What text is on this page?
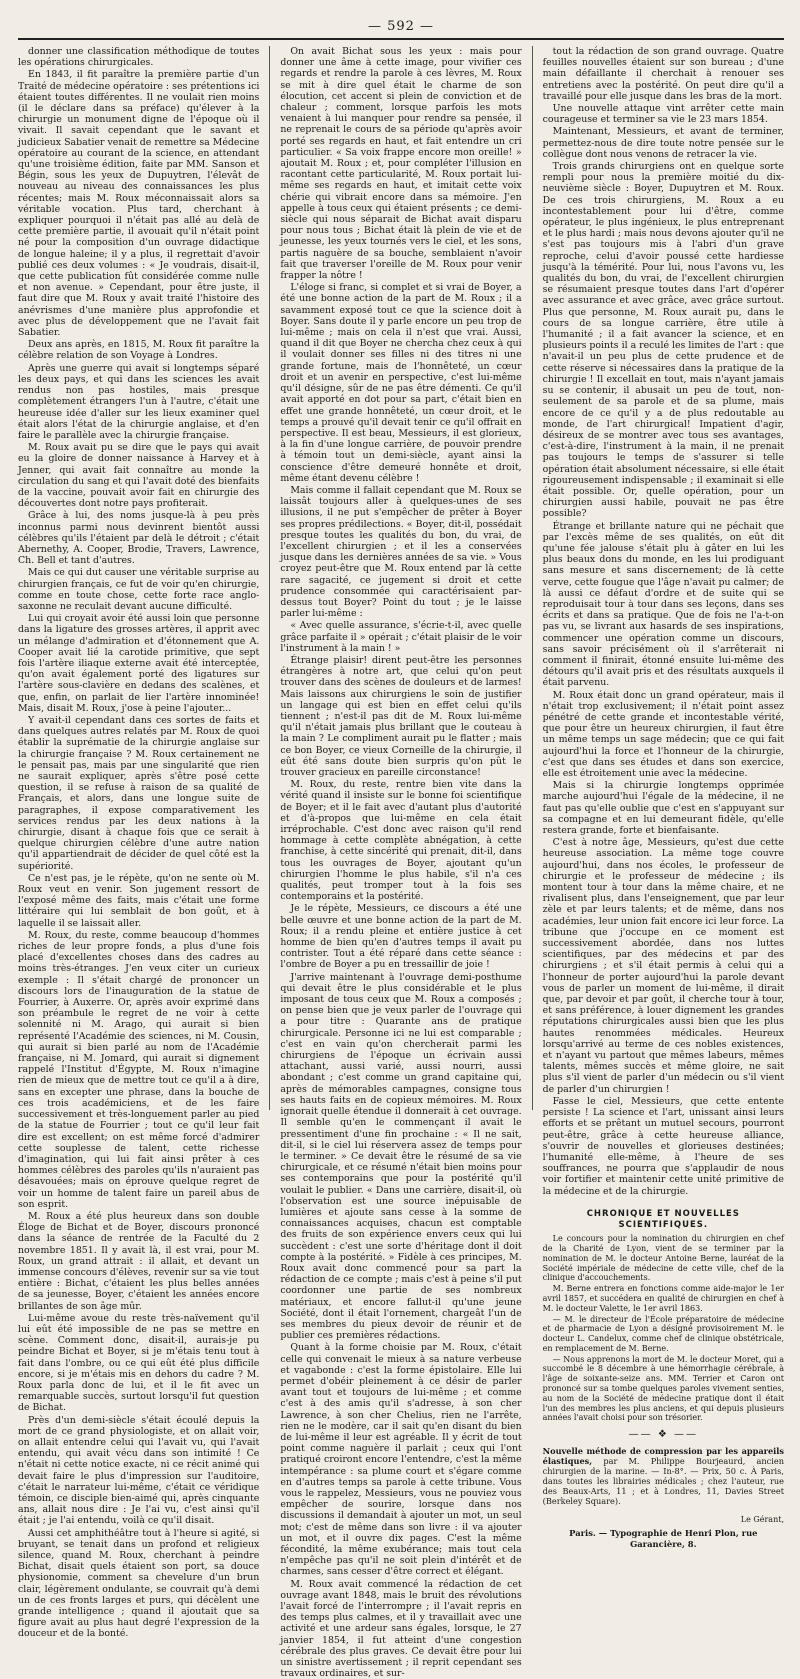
— 592 —

donner une classification méthodique de toutes les opérations chirurgicales.

En 1843, il fit paraître la première partie d'un Traité de médecine opératoire : ses prétentions ici étaient toutes différentes. Il ne voulait rien moins (il le déclare dans sa préface) qu'élever à la chirurgie un monument digne de l'époque où il vivait. Il savait cependant que le savant et judicieux Sabatier venait de remettre sa Médecine opératoire au courant de la science, en attendant qu'une troisième édition, faite par MM. Sanson et Bégin, sous les yeux de Dupuytren, l'élevât de nouveau au niveau des connaissances les plus récentes; mais M. Roux méconnaissait alors sa véritable vocation. Plus tard, cherchant à expliquer pourquoi il n'était pas allé au delà de cette première partie, il avouait qu'il n'était point né pour la composition d'un ouvrage didactique de longue haleine; il y a plus, il regrettait d'avoir publié ces deux volumes : « Je voudrais, disait-il, que cette publication fût considérée comme nulle et non avenue. » Cependant, pour être juste, il faut dire que M. Roux y avait traité l'histoire des anévrismes d'une manière plus approfondie et avec plus de développement que ne l'avait fait Sabatier.

Deux ans après, en 1815, M. Roux fit paraître la célèbre relation de son Voyage à Londres.

Après une guerre qui avait si longtemps séparé les deux pays, et qui dans les sciences les avait rendus non pas hostiles, mais presque complètement étrangers l'un à l'autre, c'était une heureuse idée d'aller sur les lieux examiner quel était alors l'état de la chirurgie anglaise, et d'en faire le parallèle avec la chirurgie française.

M. Roux avait pu se dire que le pays qui avait eu la gloire de donner naissance à Harvey et à Jenner, qui avait fait connaître au monde la circulation du sang et qui l'avait doté des bienfaits de la vaccine, pouvait avoir fait en chirurgie des découvertes dont notre pays profiterait.

Grâce à lui, des noms jusque-là à peu près inconnus parmi nous devinrent bientôt aussi célèbres qu'ils l'étaient par delà le détroit ; c'était Abernethy, A. Cooper, Brodie, Travers, Lawrence, Ch. Bell et tant d'autres.

Mais ce qui dut causer une véritable surprise au chirurgien français, ce fut de voir qu'en chirurgie, comme en toute chose, cette forte race anglo-saxonne ne reculait devant aucune difficulté.

Lui qui croyait avoir été aussi loin que personne dans la ligature des grosses artères, il apprit avec un mélange d'admiration et d'étonnement que A. Cooper avait lié la carotide primitive, que sept fois l'artère iliaque externe avait été interceptée, qu'on avait également porté des ligatures sur l'artère sous-clavière en dedans des scalènes, et que, enfin, on parlait de lier l'artère innominée! Mais, disait M. Roux, j'ose à peine l'ajouter...

Y avait-il cependant dans ces sortes de faits et dans quelques autres relatés par M. Roux de quoi établir la suprématie de la chirurgie anglaise sur la chirurgie française ? M. Roux certainement ne le pensait pas, mais par une singularité que rien ne saurait expliquer, après s'être posé cette question, il se refuse à raison de sa qualité de Français, et alors, dans une longue suite de paragraphes, il expose comparativement les services rendus par les deux nations à la chirurgie, disant à chaque fois que ce serait à quelque chirurgien célèbre d'une autre nation qu'il appartiendrait de décider de quel côté est la supériorité.

Ce n'est pas, je le répète, qu'on ne sente où M. Roux veut en venir. Son jugement ressort de l'exposé même des faits, mais c'était une forme littéraire qui lui semblait de bon goût, et à laquelle il se laissait aller.

M. Roux, du reste, comme beaucoup d'hommes riches de leur propre fonds, a plus d'une fois placé d'excellentes choses dans des cadres au moins très-étranges. J'en veux citer un curieux exemple : Il s'était chargé de prononcer un discours lors de l'inauguration de la statue de Fourrier, à Auxerre. Or, après avoir exprimé dans son préambule le regret de ne voir à cette solennité ni M. Arago, qui aurait si bien représenté l'Académie des sciences, ni M. Cousin, qui aurait si bien parlé au nom de l'Académie française, ni M. Jomard, qui aurait si dignement rappelé l'Institut d'Égypte, M. Roux n'imagine rien de mieux que de mettre tout ce qu'il a à dire, sans en excepter une phrase, dans la bouche de ces trois académiciens, et de les faire successivement et très-longuement parler au pied de la statue de Fourrier ; tout ce qu'il leur fait dire est excellent; on est même forcé d'admirer cette souplesse de talent, cette richesse d'imagination, qui lui fait ainsi prêter à ces hommes célèbres des paroles qu'ils n'auraient pas désavouées; mais on éprouve quelque regret de voir un homme de talent faire un pareil abus de son esprit.

M. Roux a été plus heureux dans son double Éloge de Bichat et de Boyer, discours prononcé dans la séance de rentrée de la Faculté du 2 novembre 1851. Il y avait là, il est vrai, pour M. Roux, un grand attrait : il allait, et devant un immense concours d'élèves, revenir sur sa vie tout entière : Bichat, c'étaient les plus belles années de sa jeunesse, Boyer, c'étaient les années encore brillantes de son âge mûr.

Lui-même avoue du reste très-naïvement qu'il lui eût été impossible de ne pas se mettre en scène. Comment donc, disait-il, aurais-je pu peindre Bichat et Boyer, si je m'étais tenu tout à fait dans l'ombre, ou ce qui eût été plus difficile encore, si je m'étais mis en dehors du cadre ? M. Roux parla donc de lui, et il le fit avec un remarquable succès, surtout lorsqu'il fut question de Bichat.

Près d'un demi-siècle s'était écoulé depuis la mort de ce grand physiologiste, et on allait voir, on allait entendre celui qui l'avait vu, qui l'avait entendu, qui avait vécu dans son intimité ! Ce n'était ni cette notice exacte, ni ce récit animé qui devait faire le plus d'impression sur l'auditoire, c'était le narrateur lui-même, c'était ce véridique témoin, ce disciple bien-aimé qui, après cinquante ans, allait nous dire : Je l'ai vu, c'est ainsi qu'il était ; je l'ai entendu, voilà ce qu'il disait.

Aussi cet amphithéâtre tout à l'heure si agité, si bruyant, se tenait dans un profond et religieux silence, quand M. Roux, cherchant à peindre Bichat, disait quels étaient son port, sa douce physionomie, comment sa chevelure d'un brun clair, légèrement ondulante, se couvrait qu'à demi un de ces fronts larges et purs, qui décèlent une grande intelligence ; quand il ajoutait que sa figure avait au plus haut degré l'expression de la douceur et de la bonté.

On avait Bichat sous les yeux : mais pour donner une âme à cette image, pour vivifier ces regards et rendre la parole à ces lèvres, M. Roux se mit à dire quel était le charme de son élocution, cet accent si plein de conviction et de chaleur ; comment, lorsque parfois les mots venaient à lui manquer pour rendre sa pensée, il ne reprenait le cours de sa période qu'après avoir porté ses regards en haut, et fait entendre un cri particulier. « Sa voix frappe encore mon oreille! » ajoutait M. Roux ; et, pour compléter l'illusion en racontant cette particularité, M. Roux portait lui-même ses regards en haut, et imitait cette voix chérie qui vibrait encore dans sa mémoire. J'en appelle à tous ceux qui étaient présents ; ce demi-siècle qui nous séparait de Bichat avait disparu pour nous tous ; Bichat était là plein de vie et de jeunesse, les yeux tournés vers le ciel, et les sons, partis naguère de sa bouche, semblaient n'avoir fait que traverser l'oreille de M. Roux pour venir frapper la nôtre !

L'éloge si franc, si complet et si vrai de Boyer, a été une bonne action de la part de M. Roux ; il a savamment exposé tout ce que la science doit à Boyer. Sans doute il y parle encore un peu trop de lui-même ; mais on cela il n'est que vrai. Aussi, quand il dit que Boyer ne chercha chez ceux à qui il voulait donner ses filles ni des titres ni une grande fortune, mais de l'honnêteté, un cœur droit et un avenir en perspective, c'est lui-même qu'il désigne, sûr de ne pas être démenti. Ce qu'il avait apporté en dot pour sa part, c'était bien en effet une grande honnêteté, un cœur droit, et le temps a prouvé qu'il devait tenir ce qu'il offrait en perspective. Il est beau, Messieurs, il est glorieux, à la fin d'une longue carrière, de pouvoir prendre à témoin tout un demi-siècle, ayant ainsi la conscience d'être demeuré honnête et droit, même étant devenu célèbre !

Mais comme il fallait cependant que M. Roux se laissât toujours aller à quelques-unes de ses illusions, il ne put s'empêcher de prêter à Boyer ses propres prédilections. « Boyer, dit-il, possédait presque toutes les qualités du bon, du vrai, de l'excellent chirurgien ; et il les a conservées jusque dans les dernières années de sa vie. » Vous croyez peut-être que M. Roux entend par là cette rare sagacité, ce jugement si droit et cette prudence consommée qui caractérisaient par-dessus tout Boyer? Point du tout ; je le laisse parler lui-même :

« Avec quelle assurance, s'écrie-t-il, avec quelle grâce parfaite il » opérait ; c'était plaisir de le voir l'instrument à la main ! »

Étrange plaisir! dirent peut-être les personnes étrangères à notre art, que celui qu'on peut trouver dans des scènes de douleurs et de larmes! Mais laissons aux chirurgiens le soin de justifier un langage qui est bien en effet celui qu'ils tiennent ; n'est-il pas dit de M. Roux lui-même qu'il n'était jamais plus brillant que le couteau à la main ? Le compliment aurait pu le flatter ; mais ce bon Boyer, ce vieux Corneille de la chirurgie, il eût été sans doute bien surpris qu'on pût le trouver gracieux en pareille circonstance!

M. Roux, du reste, rentre bien vite dans la vérité quand il insiste sur le bonne foi scientifique de Boyer; et il le fait avec d'autant plus d'autorité et d'à-propos que lui-même en cela était irréprochable. C'est donc avec raison qu'il rend hommage à cette complète abnégation, à cette franchise, à cette sincérité qui prenait, dit-il, dans tous les ouvrages de Boyer, ajoutant qu'un chirurgien l'homme le plus habile, s'il n'a ces qualités, peut tromper tout à la fois ses contemporains et la postérité.

Je le répète, Messieurs, ce discours a été une belle œuvre et une bonne action de la part de M. Roux; il a rendu pleine et entière justice à cet homme de bien qu'en d'autres temps il avait pu contrister. Tout a été réparé dans cette séance : l'ombre de Boyer a pu en tressaillir de joie !

J'arrive maintenant à l'ouvrage demi-posthume qui devait être le plus considérable et le plus imposant de tous ceux que M. Roux a composés ; on pense bien que je veux parler de l'ouvrage qui a pour titre : Quarante ans de pratique chirurgicale. Personne ici ne lui est comparable ; c'est en vain qu'on chercherait parmi les chirurgiens de l'époque un écrivain aussi attachant, aussi varié, aussi nourri, aussi abondant ; c'est comme un grand capitaine qui, après de mémorables campagnes, consigne tous ses hauts faits en de copieux mémoires. M. Roux ignorait quelle étendue il donnerait à cet ouvrage. Il semble qu'en le commençant il avait le pressentiment d'une fin prochaine : « Il ne sait, dit-il, si le ciel lui réservera assez de temps pour le terminer. » Ce devait être le résumé de sa vie chirurgicale, et ce résumé n'était bien moins pour ses contemporains que pour la postérité qu'il voulait le publier. « Dans une carrière, disait-il, où l'observation est une source inépuisable de lumières et ajoute sans cesse à la somme de connaissances acquises, chacun est comptable des fruits de son expérience envers ceux qui lui succèdent : c'est une sorte d'héritage dont il doit compte à la postérité. » Fidèle à ces principes, M. Roux avait donc commencé pour sa part la rédaction de ce compte ; mais c'est à peine s'il put coordonner une partie de ses nombreux matériaux, et encore fallut-il qu'une jeune Société, dont il était l'ornement, chargeât l'un de ses membres du pieux devoir de réunir et de publier ces premières rédactions.

Quant à la forme choisie par M. Roux, c'était celle qui convenait le mieux à sa nature verbeuse et vagabonde : c'est la forme épistolaire. Elle lui permet d'obéir pleinement à ce désir de parler avant tout et toujours de lui-même ; et comme c'est à des amis qu'il s'adresse, à son cher Lawrence, à son cher Chelius, rien ne l'arrête, rien ne le modère, car il sait qu'en disant du bien de lui-même il leur est agréable. Il y écrit de tout point comme naguère il parlait ; ceux qui l'ont pratiqué croiront encore l'entendre, c'est la même intempérance : sa plume court et s'égare comme en d'autres temps sa parole à cette tribune. Vous vous le rappelez, Messieurs, vous ne pouviez vous empêcher de sourire, lorsque dans nos discussions il demandait à ajouter un mot, un seul mot; c'est de même dans son livre : il va ajouter un mot, et il ouvre dix pages. C'est la même fécondité, la même exubérance; mais tout cela n'empêche pas qu'il ne soit plein d'intérêt et de charmes, sans cesser d'être correct et élégant.

M. Roux avait commencé la rédaction de cet ouvrage avant 1848, mais le bruit des révolutions l'avait forcé de l'interrompre ; il l'avait repris en des temps plus calmes, et il y travaillait avec une activité et une ardeur sans égales, lorsque, le 27 janvier 1854, il fut atteint d'une congestion cérébrale des plus graves. Ce devait être pour lui un sinistre avertissement ; il reprit cependant ses travaux ordinaires, et sur-

tout la rédaction de son grand ouvrage. Quatre feuilles nouvelles étaient sur son bureau ; d'une main défaillante il cherchait à renouer ses entretiens avec la postérité. On peut dire qu'il a travaillé pour elle jusque dans les bras de la mort.

Une nouvelle attaque vint arrêter cette main courageuse et terminer sa vie le 23 mars 1854.

Maintenant, Messieurs, et avant de terminer, permettez-nous de dire toute notre pensée sur le collègue dont nous venons de retracer la vie.

Trois grands chirurgiens ont en quelque sorte rempli pour nous la première moitié du dix-neuvième siècle : Boyer, Dupuytren et M. Roux. De ces trois chirurgiens, M. Roux a eu incontestablement pour lui d'être, comme opérateur, le plus ingénieux, le plus entreprenant et le plus hardi ; mais nous devons ajouter qu'il ne s'est pas toujours mis à l'abri d'un grave reproche, celui d'avoir poussé cette hardiesse jusqu'à la témérité. Pour lui, nous l'avons vu, les qualités du bon, du vrai, de l'excellent chirurgien se résumaient presque toutes dans l'art d'opérer avec assurance et avec grâce, avec grâce surtout. Plus que personne, M. Roux aurait pu, dans le cours de sa longue carrière, être utile à l'humanité ; il a fait avancer la science, et en plusieurs points il a reculé les limites de l'art : que n'avait-il un peu plus de cette prudence et de cette réserve si nécessaires dans la pratique de la chirurgie ! Il excellait en tout, mais n'ayant jamais su se contenir, il abusait un peu de tout, non-seulement de sa parole et de sa plume, mais encore de ce qu'il y a de plus redoutable au monde, de l'art chirurgical! Impatient d'agir, désireux de se montrer avec tous ses avantages, c'est-à-dire, l'instrument à la main, il ne prenait pas toujours le temps de s'assurer si telle opération était absolument nécessaire, si elle était rigoureusement indispensable ; il examinait si elle était possible. Or, quelle opération, pour un chirurgien aussi habile, pouvait ne pas être possible?

Étrange et brillante nature qui ne péchait que par l'excès même de ses qualités, on eût dit qu'une fée jalouse s'était plu à gâter en lui les plus beaux dons du monde, en les lui prodiguant sans mesure et sans discernement; de là cette verve, cette fougue que l'âge n'avait pu calmer; de là aussi ce défaut d'ordre et de suite qui se reproduisait tour à tour dans ses leçons, dans ses écrits et dans sa pratique. Que de fois ne l'a-t-on pas vu, se livrant aux hasards de ses inspirations, commencer une opération comme un discours, sans savoir précisément où il s'arrêterait ni comment il finirait, étonné ensuite lui-même des détours qu'il avait pris et des résultats auxquels il était parvenu.

M. Roux était donc un grand opérateur, mais il n'était trop exclusivement; il n'était point assez pénétré de cette grande et incontestable vérité, que pour être un heureux chirurgien, il faut être un même temps un sage médecin; que ce qui fait aujourd'hui la force et l'honneur de la chirurgie, c'est que dans ses études et dans son exercice, elle est étroitement unie avec la médecine.

Mais si la chirurgie longtemps opprimée marche aujourd'hui l'égale de la médecine, il ne faut pas qu'elle oublie que c'est en s'appuyant sur sa compagne et en lui demeurant fidèle, qu'elle restera grande, forte et bienfaisante.

C'est à notre âge, Messieurs, qu'est due cette heureuse association. La même toge couvre aujourd'hui, dans nos écoles, le professeur de chirurgie et le professeur de médecine ; ils montent tour à tour dans la même chaire, et ne rivalisent plus, dans l'enseignement, que par leur zèle et par leurs talents; et de même, dans nos académies, leur union fait encore ici leur force. La tribune que j'occupe en ce moment est successivement abordée, dans nos luttes scientifiques, par des médecins et par des chirurgiens ; et s'il était permis à celui qui a l'honneur de porter aujourd'hui la parole devant vous de parler un moment de lui-même, il dirait que, par devoir et par goût, il cherche tour à tour, et sans préférence, à louer dignement les grandes réputations chirurgicales aussi bien que les plus hautes renommées médicales. Heureux lorsqu'arrivé au terme de ces nobles existences, et n'ayant vu partout que mêmes labeurs, mêmes talents, mêmes succès et même gloire, ne sait plus s'il vient de parler d'un médecin ou s'il vient de parler d'un chirurgien !

Fasse le ciel, Messieurs, que cette entente persiste ! La science et l'art, unissant ainsi leurs efforts et se prêtant un mutuel secours, pourront peut-être, grâce à cette heureuse alliance, s'ouvrir de nouvelles et glorieuses destinées; l'humanité elle-même, à l'heure de ses souffrances, ne pourra que s'applaudir de nous voir fortifier et maintenir cette unité primitive de la médecine et de la chirurgie.

CHRONIQUE ET NOUVELLES SCIENTIFIQUES.

Le concours pour la nomination du chirurgien en chef de la Charité de Lyon, vient de se terminer par la nomination de M. le docteur Antoine Berne, lauréat de la Société impériale de médecine de cette ville, chef de la clinique d'accouchements.

M. Berne entrera en fonctions comme aide-major le 1er avril 1857, et succédera en qualité de chirurgien en chef à M. le docteur Valette, le 1er avril 1863.

— M. le directeur de l'École préparatoire de médecine et de pharmacie de Lyon a désigné provisoirement M. le docteur L. Candelux, comme chef de clinique obstétricale, en remplacement de M. Berne.

— Nous apprenons la mort de M. le docteur Moret, qui a succombé le 8 décembre à une hémorrhagie cérébrale, à l'âge de soixante-seize ans. MM. Terrier et Caron ont prononcé sur sa tombe quelques paroles vivement senties, au nom de la Société de médecine pratique dont il était l'un des membres les plus anciens, et qui depuis plusieurs années l'avait choisi pour son trésorier.

—— ❖ ——
Nouvelle méthode de compression par les appareils élastiques, par M. Philippe Bourjeaurd, ancien chirurgien de la marine. — In-8°. — Prix, 50 c. À Paris, dans toutes les librairies médicales ; chez l'auteur, rue des Beaux-Arts, 11 ; et à Londres, 11, Davies Street (Berkeley Square).
Le Gérant,
Paris. — Typographie de Henri Plon, rue Garancière, 8.
